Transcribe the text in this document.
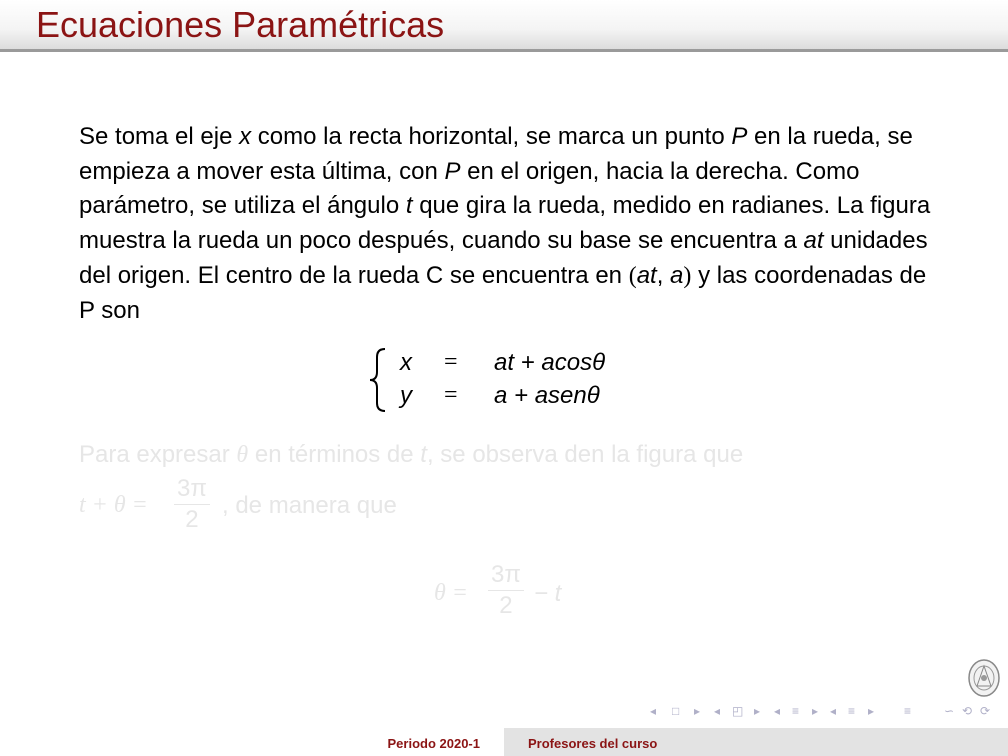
Ecuaciones Paramétricas
Se toma el eje x como la recta horizontal, se marca un punto P en la rueda, se empieza a mover esta última, con P en el origen, hacia la derecha. Como parámetro, se utiliza el ángulo t que gira la rueda, medido en radianes. La figura muestra la rueda un poco después, cuando su base se encuentra a at unidades del origen. El centro de la rueda C se encuentra en (at, a) y las coordenadas de P son
x = at + acosθ
y = a + asenθ
Para expresar θ en términos de t, se observa den la figura que
$t + \theta = \frac{3\pi}{2}$ , de manera que
$\theta = \frac{3\pi}{2} - t$
◂ □ ▸ ◂ ◰ ▸ ◂ ≡ ▸ ◂ ≡ ▸ ≡	∽ ⟲ ⟳
Periodo 2020-1	Profesores del curso
